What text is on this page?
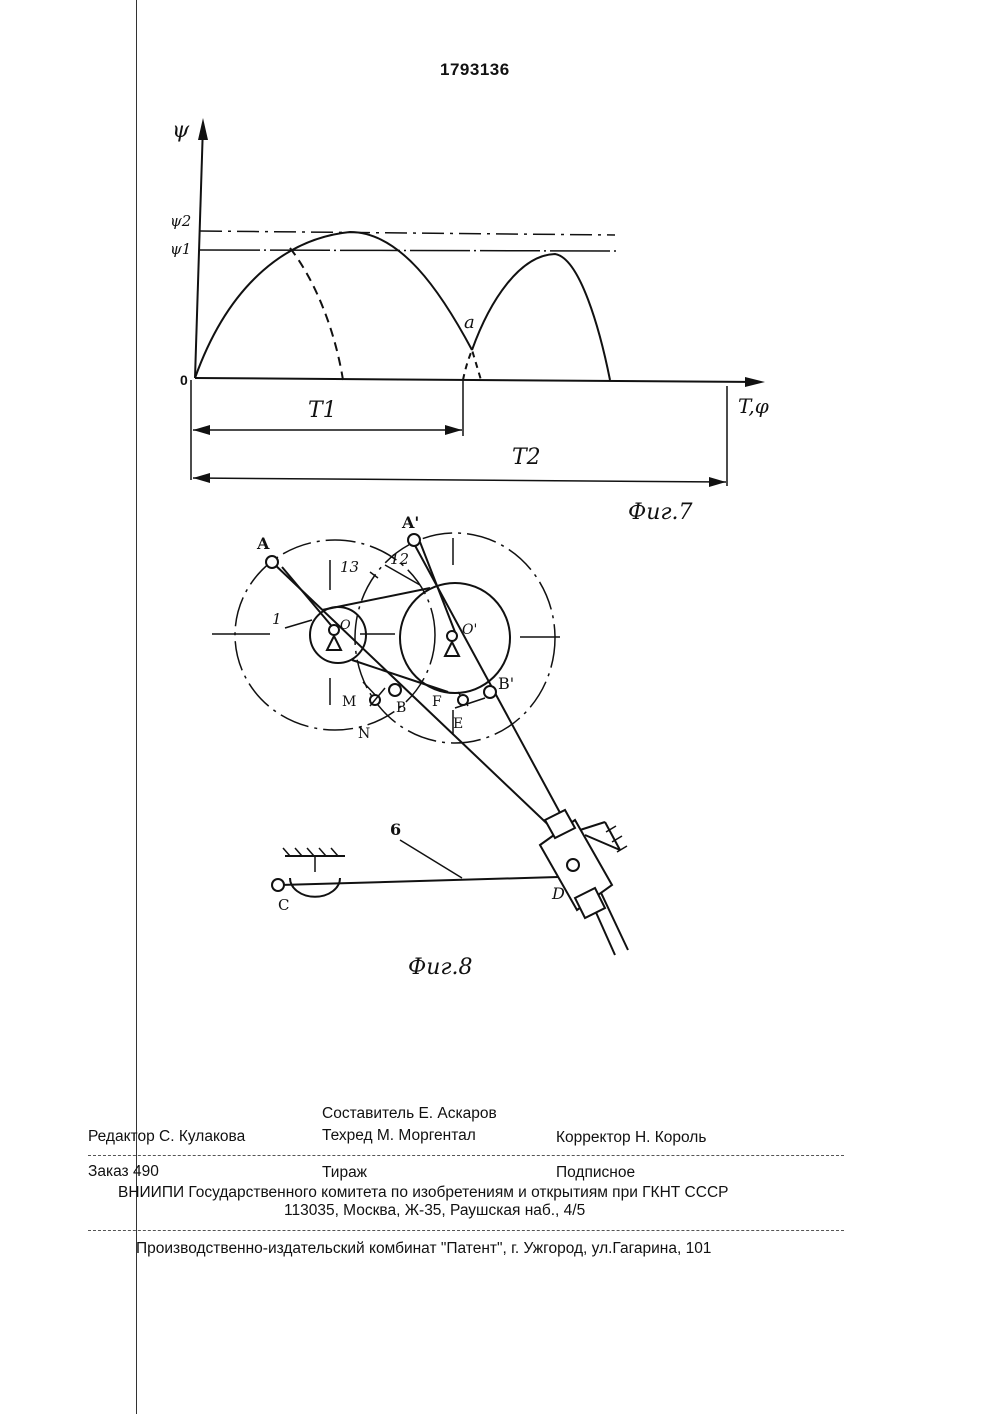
1793136
ψ
ψ2
ψ1
0
a
T,φ
T1
T2
Фиг.7
A
A'
13 12
1	O	O'
M	B
N
F
E
B'
6
C
D
Фиг.8
Составитель Е. Аскаров
Редактор С. Кулакова	Техред М. Моргентал	Корректор Н. Король
Заказ 490	Тираж	Подписное
ВНИИПИ Государственного комитета по изобретениям и открытиям при ГКНТ СССР
113035, Москва, Ж-35, Раушская наб., 4/5
Производственно-издательский комбинат "Патент", г. Ужгород, ул.Гагарина, 101
